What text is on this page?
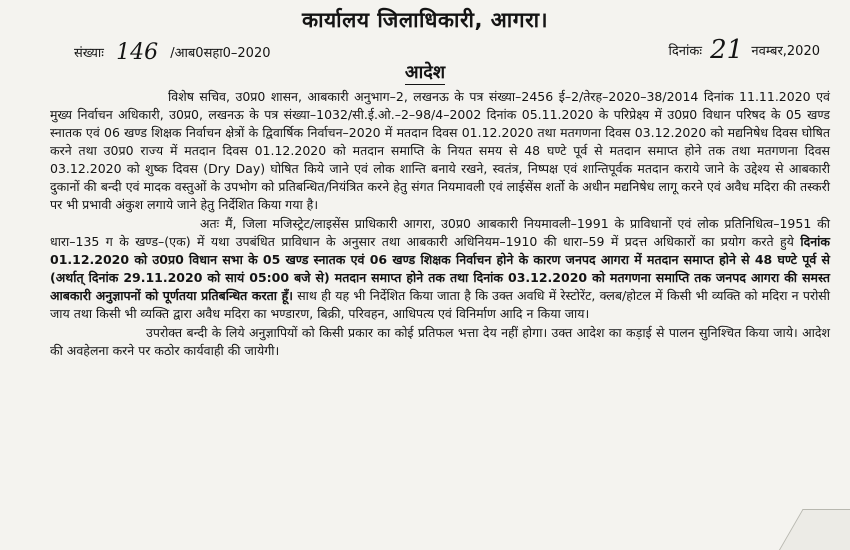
कार्यालय जिलाधिकारी, आगरा।
संख्याः 146 /आब0सहा0–2020	दिनांकः 21 नवम्बर,2020
आदेश

विशेष सचिव, उ0प्र0 शासन, आबकारी अनुभाग–2, लखनऊ के पत्र संख्या–2456 ई–2/तेरह–2020–38/2014 दिनांक 11.11.2020 एवं मुख्य निर्वाचन अधिकारी, उ0प्र0, लखनऊ के पत्र संख्या–1032/सी.ई.ओ.–2–98/4–2002 दिनांक 05.11.2020 के परिप्रेक्ष्य में उ0प्र0 विधान परिषद के 05 खण्ड स्नातक एवं 06 खण्ड शिक्षक निर्वाचन क्षेत्रों के द्विवार्षिक निर्वाचन–2020 में मतदान दिवस 01.12.2020 तथा मतगणना दिवस 03.12.2020 को मद्यनिषेध दिवस घोषित करने तथा उ0प्र0 राज्य में मतदान दिवस 01.12.2020 को मतदान समाप्ति के नियत समय से 48 घण्टे पूर्व से मतदान समाप्त होने तक तथा मतगणना दिवस 03.12.2020 को शुष्क दिवस (Dry Day) घोषित किये जाने एवं लोक शान्ति बनाये रखने, स्वतंत्र, निष्पक्ष एवं शान्तिपूर्वक मतदान कराये जाने के उद्देश्य से आबकारी दुकानों की बन्दी एवं मादक वस्तुओं के उपभोग को प्रतिबन्धित/नियंत्रित करने हेतु संगत नियमावली एवं लाईसेंस शर्तो के अधीन मद्यनिषेध लागू करने एवं अवैध मदिरा की तस्करी पर भी प्रभावी अंकुश लगाये जाने हेतु निर्देशित किया गया है।

अतः मैं, जिला मजिस्ट्रेट/लाइसेंस प्राधिकारी आगरा, उ0प्र0 आबकारी नियमावली–1991 के प्राविधानों एवं लोक प्रतिनिधित्व–1951 की धारा–135 ग के खण्ड–(एक) में यथा उपबंधित प्राविधान के अनुसार तथा आबकारी अधिनियम–1910 की धारा–59 में प्रदत्त अधिकारों का प्रयोग करते हुये दिनांक 01.12.2020 को उ0प्र0 विधान सभा के 05 खण्ड स्नातक एवं 06 खण्ड शिक्षक निर्वाचन होने के कारण जनपद आगरा में मतदान समाप्त होने से 48 घण्टे पूर्व से (अर्थात् दिनांक 29.11.2020 को सायं 05:00 बजे से) मतदान समाप्त होने तक तथा दिनांक 03.12.2020 को मतगणना समाप्ति तक जनपद आगरा की समस्त आबकारी अनुज्ञापनों को पूर्णतया प्रतिबन्धित करता हूँ। साथ ही यह भी निर्देशित किया जाता है कि उक्त अवधि में रेस्टोरेंट, क्लब/होटल में किसी भी व्यक्ति को मदिरा न परोसी जाय तथा किसी भी व्यक्ति द्वारा अवैध मदिरा का भण्डारण, बिक्री, परिवहन, आधिपत्य एवं विनिर्माण आदि न किया जाय।

उपरोक्त बन्दी के लिये अनुज्ञापियों को किसी प्रकार का कोई प्रतिफल भत्ता देय नहीं होगा। उक्त आदेश का कड़ाई से पालन सुनिश्चित किया जाये। आदेश की अवहेलना करने पर कठोर कार्यवाही की जायेगी।
